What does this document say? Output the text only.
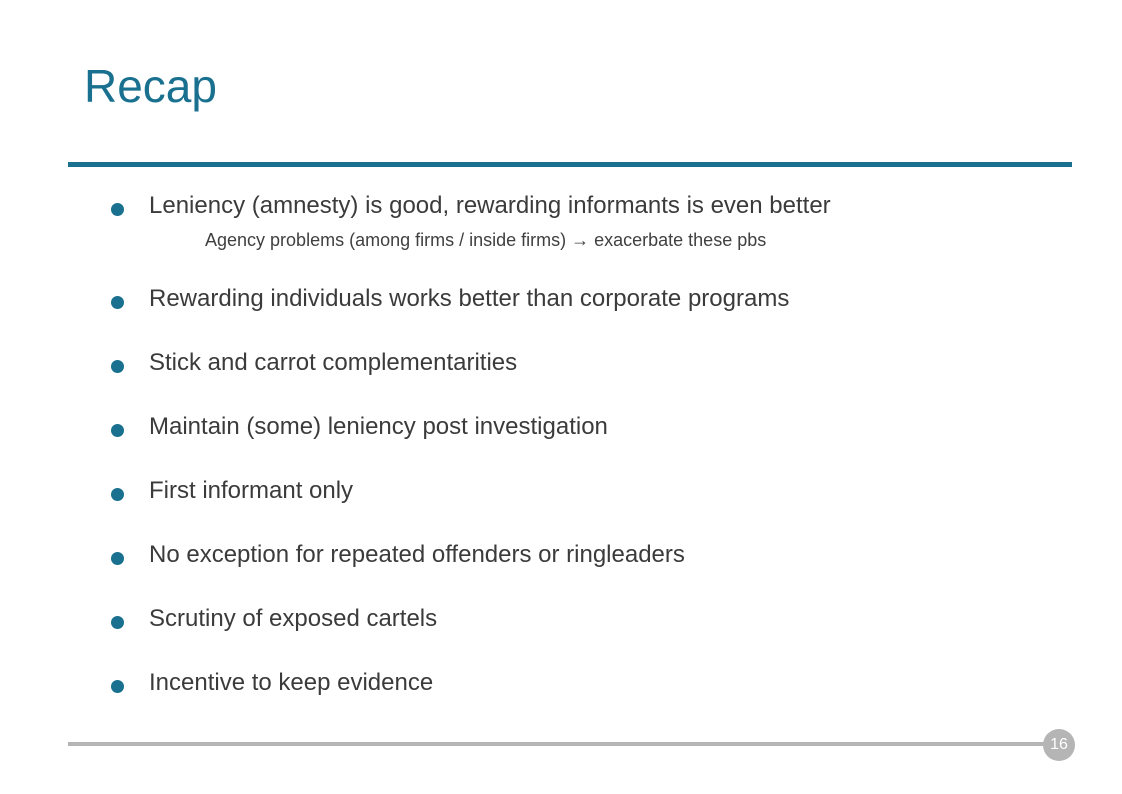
Recap
Leniency (amnesty) is good, rewarding informants is even better
Agency problems (among firms / inside firms) → exacerbate these pbs
Rewarding individuals works better than corporate programs
Stick and carrot complementarities
Maintain (some) leniency post investigation
First informant only
No exception for repeated offenders or ringleaders
Scrutiny of exposed cartels
Incentive to keep evidence
16
